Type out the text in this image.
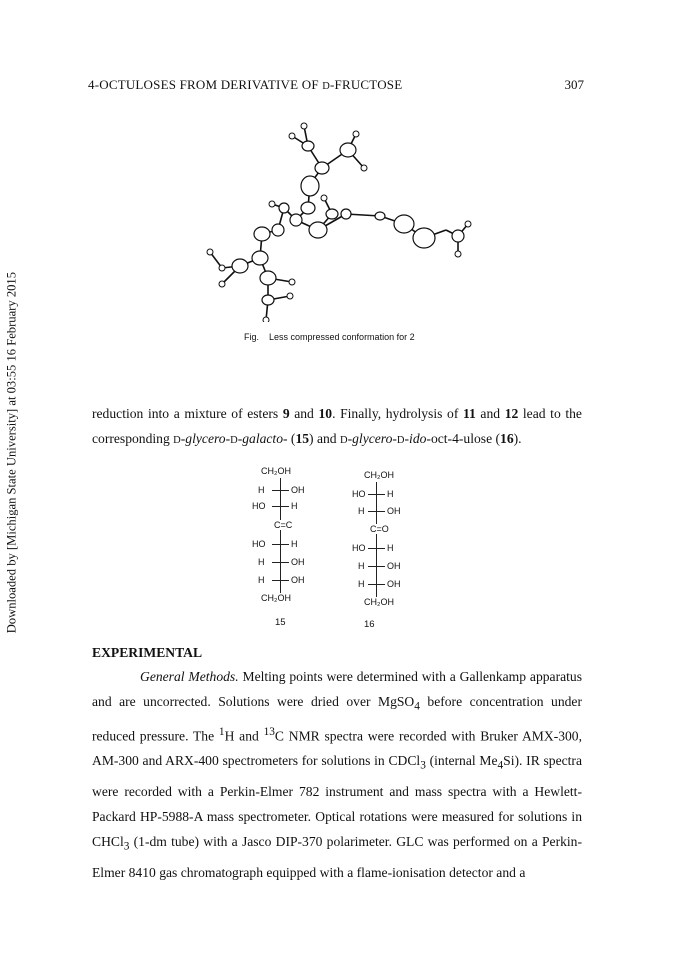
Downloaded by [Michigan State University] at 03:55 16 February 2015
4-OCTULOSES FROM DERIVATIVE OF D-FRUCTOSE	307
Fig. Less compressed conformation for 2

reduction into a mixture of esters 9 and 10. Finally, hydrolysis of 11 and 12 lead to the corresponding D-glycero-D-galacto- (15) and D-glycero-D-ido-oct-4-ulose (16).

CH₂OH
H	OH
HO	H
C=C
HO	H
H	OH
H	OH
CH₂OH
15
CH₂OH
HO H
H	OH
C=O
HO H
H	OH
H	OH
CH₂OH
16
EXPERIMENTAL

General Methods. Melting points were determined with a Gallenkamp apparatus and are uncorrected. Solutions were dried over MgSO$_4$ before concentration under reduced pressure. The $^1$H and $^{13}$C NMR spectra were recorded with Bruker AMX-300, AM-300 and ARX-400 spectrometers for solutions in CDCl$_3$ (internal $Me_4Si$). IR spectra were recorded with a Perkin-Elmer 782 instrument and mass spectra with a Hewlett-Packard HP-5988-A mass spectrometer. Optical rotations were measured for solutions in CHCl$_3$ (1-dm tube) with a Jasco DIP-370 polarimeter. GLC was performed on a Perkin-Elmer 8410 gas chromatograph equipped with a flame-ionisation detector and a
